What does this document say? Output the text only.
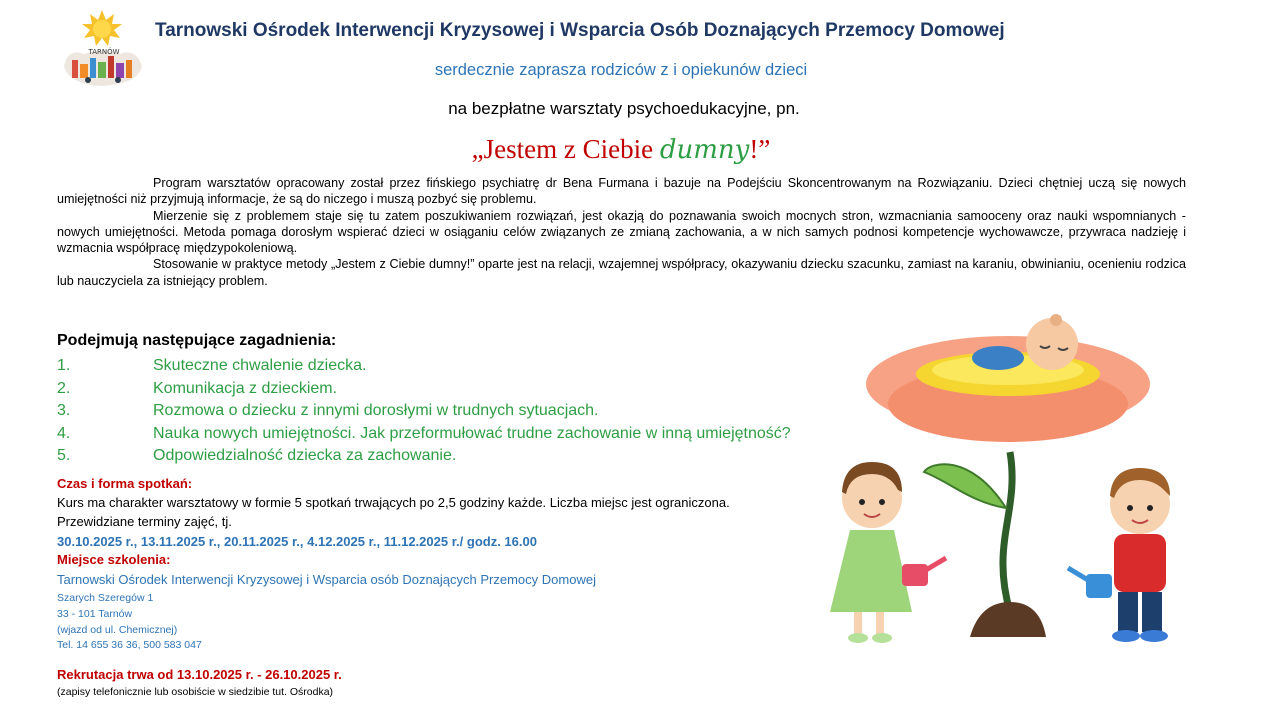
TARNÓW
Tarnowski Ośrodek Interwencji Kryzysowej i Wsparcia Osób Doznających Przemocy Domowej
serdecznie zaprasza rodziców z i opiekunów dzieci
na bezpłatne warsztaty psychoedukacyjne, pn.
„Jestem z Ciebie dumny!”

Program warsztatów opracowany został przez fińskiego psychiatrę dr Bena Furmana i bazuje na Podejściu Skoncentrowanym na Rozwiązaniu. Dzieci chętniej uczą się nowych umiejętności niż przyjmują informacje, że są do niczego i muszą pozbyć się problemu.

Mierzenie się z problemem staje się tu zatem poszukiwaniem rozwiązań, jest okazją do poznawania swoich mocnych stron, wzmacniania samooceny oraz nauki wspomnianych - nowych umiejętności. Metoda pomaga dorosłym wspierać dzieci w osiąganiu celów związanych ze zmianą zachowania, a w nich samych podnosi kompetencje wychowawcze, przywraca nadzieję i wzmacnia współpracę międzypokoleniową.

Stosowanie w praktyce metody „Jestem z Ciebie dumny!” oparte jest na relacji, wzajemnej współpracy, okazywaniu dziecku szacunku, zamiast na karaniu, obwinianiu, ocenieniu rodzica lub nauczyciela za istniejący problem.

Podejmują następujące zagadnienia:
1.	Skuteczne chwalenie dziecka.
2.	Komunikacja z dzieckiem.
3.	Rozmowa o dziecku z innymi dorosłymi w trudnych sytuacjach.
4.	Nauka nowych umiejętności. Jak przeformułować trudne zachowanie w inną umiejętność?
5.	Odpowiedzialność dziecka za zachowanie.
Czas i forma spotkań:
Kurs ma charakter warsztatowy w formie 5 spotkań trwających po 2,5 godziny każde. Liczba miejsc jest ograniczona.
Przewidziane terminy zajęć, tj.
30.10.2025 r., 13.11.2025 r., 20.11.2025 r., 4.12.2025 r., 11.12.2025 r./ godz. 16.00
Miejsce szkolenia:
Tarnowski Ośrodek Interwencji Kryzysowej i Wsparcia osób Doznających Przemocy Domowej
Szarych Szeregów 1
33 - 101 Tarnów
(wjazd od ul. Chemicznej)
Tel. 14 655 36 36, 500 583 047
Rekrutacja trwa od 13.10.2025 r. - 26.10.2025 r.
(zapisy telefonicznie lub osobiście w siedzibie tut. Ośrodka)
